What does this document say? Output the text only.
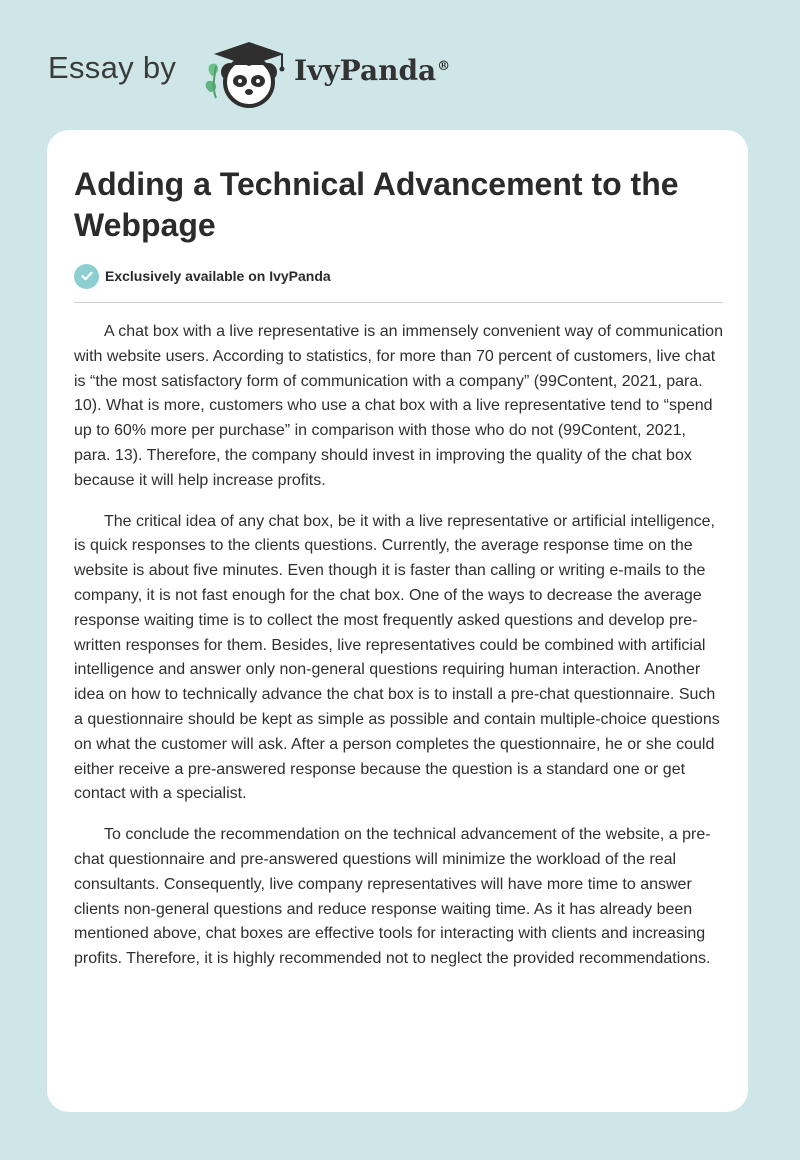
Essay by	IvyPanda®
Adding a Technical Advancement to the Webpage
Exclusively available on IvyPanda

A chat box with a live representative is an immensely convenient way of communication with website users. According to statistics, for more than 70 percent of customers, live chat is “the most satisfactory form of communication with a company” (99Content, 2021, para. 10). What is more, customers who use a chat box with a live representative tend to “spend up to 60% more per purchase” in comparison with those who do not (99Content, 2021, para. 13). Therefore, the company should invest in improving the quality of the chat box because it will help increase profits.

The critical idea of any chat box, be it with a live representative or artificial intelligence, is quick responses to the clients questions. Currently, the average response time on the website is about five minutes. Even though it is faster than calling or writing e-mails to the company, it is not fast enough for the chat box. One of the ways to decrease the average response waiting time is to collect the most frequently asked questions and develop pre-written responses for them. Besides, live representatives could be combined with artificial intelligence and answer only non-general questions requiring human interaction. Another idea on how to technically advance the chat box is to install a pre-chat questionnaire. Such a questionnaire should be kept as simple as possible and contain multiple-choice questions on what the customer will ask. After a person completes the questionnaire, he or she could either receive a pre-answered response because the question is a standard one or get contact with a specialist.

To conclude the recommendation on the technical advancement of the website, a pre-chat questionnaire and pre-answered questions will minimize the workload of the real consultants. Consequently, live company representatives will have more time to answer clients non-general questions and reduce response waiting time. As it has already been mentioned above, chat boxes are effective tools for interacting with clients and increasing profits. Therefore, it is highly recommended not to neglect the provided recommendations.
